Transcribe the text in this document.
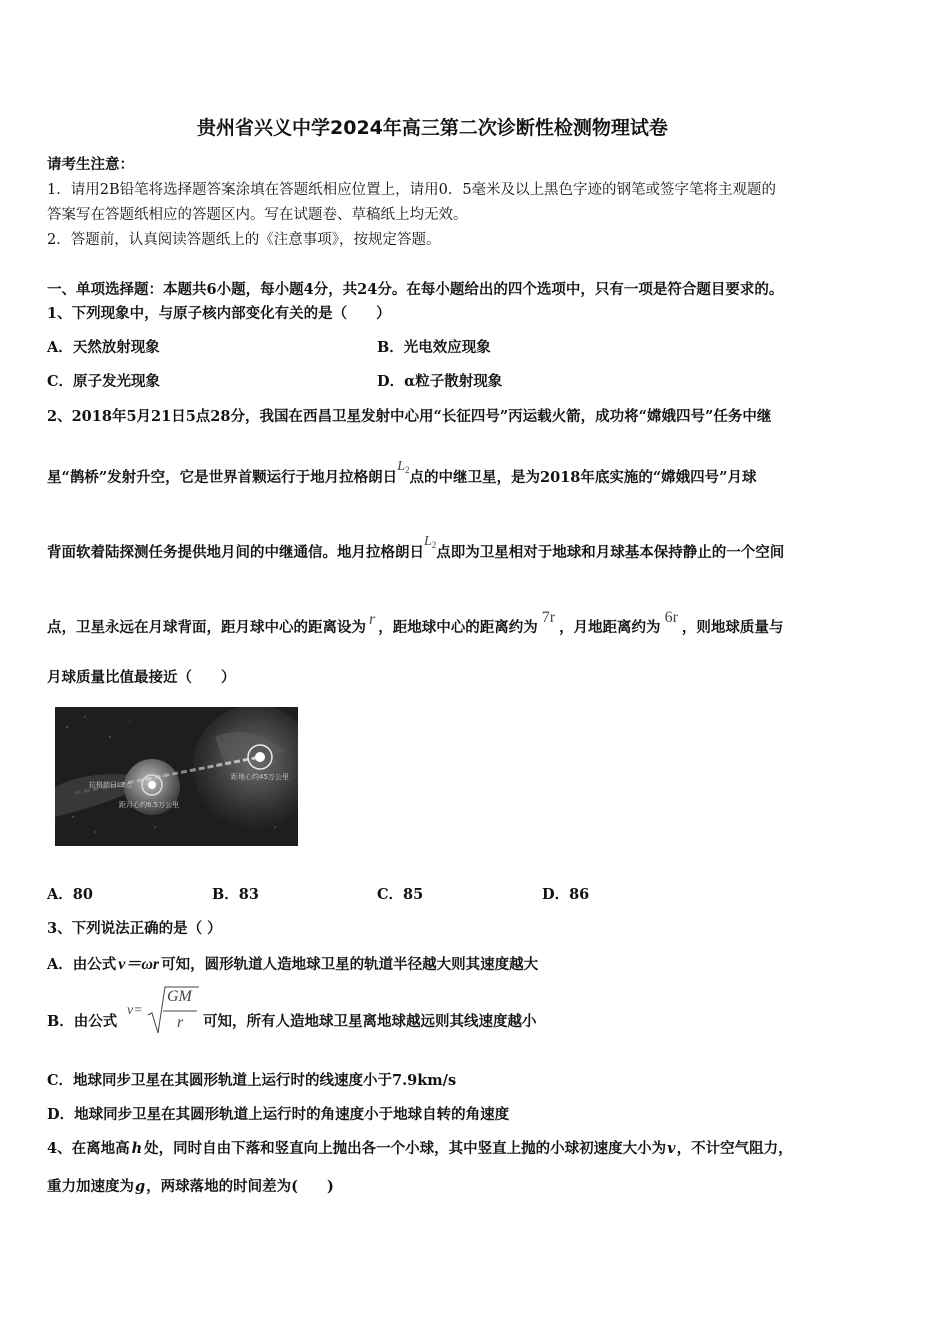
贵州省兴义中学2024年高三第二次诊断性检测物理试卷
请考生注意：
1．请用2B铅笔将选择题答案涂填在答题纸相应位置上，请用0．5毫米及以上黑色字迹的钢笔或签字笔将主观题的
答案写在答题纸相应的答题区内。写在试题卷、草稿纸上均无效。
2．答题前，认真阅读答题纸上的《注意事项》，按规定答题。
一、单项选择题：本题共6小题，每小题4分，共24分。在每小题给出的四个选项中，只有一项是符合题目要求的。
1、下列现象中，与原子核内部变化有关的是（　　）
A．天然放射现象	B．光电效应现象
C．原子发光现象	D．α粒子散射现象
2、2018年5月21日5点28分，我国在西昌卫星发射中心用“长征四号”丙运载火箭，成功将“嫦娥四号”任务中继
星“鹊桥”发射升空，它是世界首颗运行于地月拉格朗日$L_2$点的中继卫星，是为2018年底实施的“嫦娥四号”月球
背面软着陆探测任务提供地月间的中继通信。地月拉格朗日$L_2$点即为卫星相对于地球和月球基本保持静止的一个空间
点，卫星永远在月球背面，距月球中心的距离设为 r ，距地球中心的距离约为7r，月地距离约为6r，则地球质量与
月球质量比值最接近（　　）
拉格朗日L2点
距月心约6.5万公里
距地心约45万公里
A．80	B．83	C．85	D．86
3、下列说法正确的是（ ）
A．由公式 v＝ωr 可知，圆形轨道人造地球卫星的轨道半径越大则其速度越大
B．由公式
v=
GM
r 可知，所有人造地球卫星离地球越远则其线速度越小
C．地球同步卫星在其圆形轨道上运行时的线速度小于7.9km/s
D．地球同步卫星在其圆形轨道上运行时的角速度小于地球自转的角速度
4、在离地高 h 处，同时自由下落和竖直向上抛出各一个小球，其中竖直上抛的小球初速度大小为v，不计空气阻力，
重力加速度为g，两球落地的时间差为(　　)
